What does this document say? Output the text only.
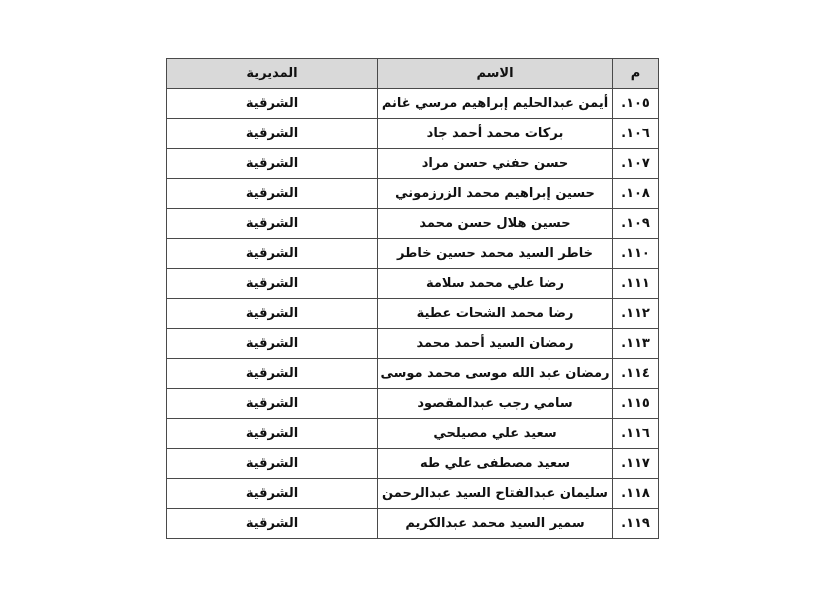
م	الاسم	المديرية
١٠٥.	أيمن عبدالحليم إبراهيم مرسي غانم	الشرقية
١٠٦.	بركات محمد أحمد جاد	الشرقية
١٠٧.	حسن حفني حسن مراد	الشرقية
١٠٨.	حسين إبراهيم محمد الزرزموني	الشرقية
١٠٩.	حسين هلال حسن محمد	الشرقية
١١٠.	خاطر السيد محمد حسين خاطر	الشرقية
١١١.	رضا علي محمد سلامة	الشرقية
١١٢.	رضا محمد الشحات عطية	الشرقية
١١٣.	رمضان السيد أحمد محمد	الشرقية
١١٤.	رمضان عبد الله موسى محمد موسى	الشرقية
١١٥.	سامي رجب عبدالمقصود	الشرقية
١١٦.	سعيد علي مصيلحي	الشرقية
١١٧.	سعيد مصطفى علي طه	الشرقية
١١٨.	سليمان عبدالفتاح السيد عبدالرحمن	الشرقية
١١٩.	سمير السيد محمد عبدالكريم	الشرقية
